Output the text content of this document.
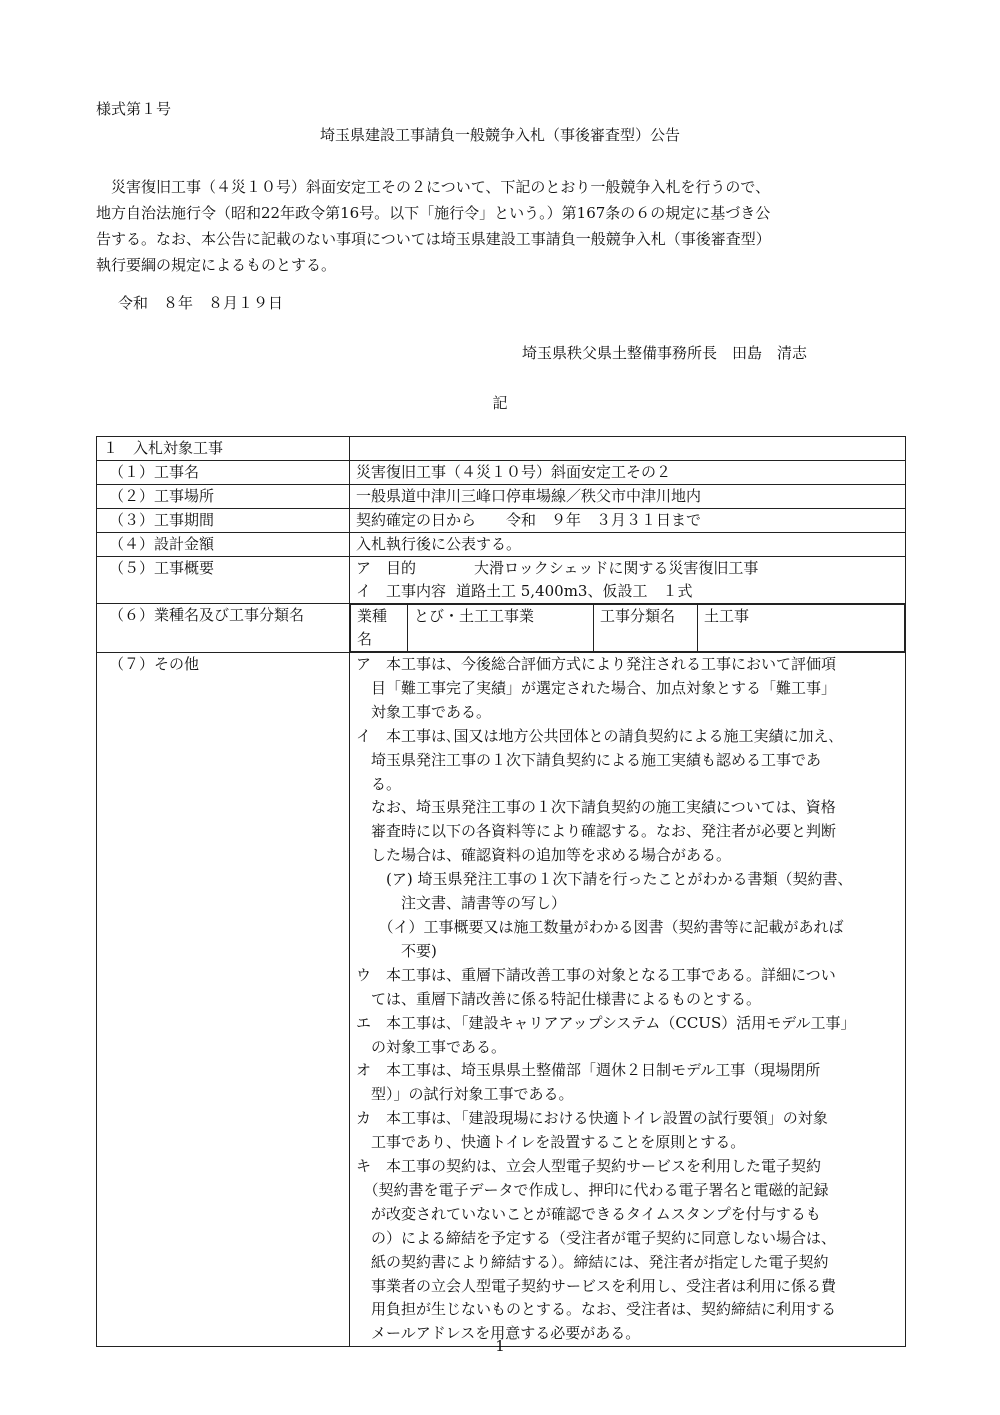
様式第１号
埼玉県建設工事請負一般競争入札（事後審査型）公告
　災害復旧工事（４災１０号）斜面安定工その２について、下記のとおり一般競争入札を行うので、
地方自治法施行令（昭和22年政令第16号。以下「施行令」という。）第167条の６の規定に基づき公
告する。なお、本公告に記載のない事項については埼玉県建設工事請負一般競争入札（事後審査型）
執行要綱の規定によるものとする。
令和　８年　８月１９日
埼玉県秩父県土整備事務所長　田島　清志
記
１　入札対象工事	
（１）工事名	災害復旧工事（４災１０号）斜面安定工その２
（２）工事場所	一般県道中津川三峰口停車場線／秩父市中津川地内
（３）工事期間	契約確定の日から　　令和　９年　３月３１日まで
（４）設計金額	入札執行後に公表する。
（５）工事概要	ア　目的	大滑ロックシェッドに関する災害復旧工事
イ　工事内容 道路土工 5,400m3、仮設工　１式

（６）業種名及び工事分類名		業種名	とび・土工工事業	工事分類名	土工事

（７）その他	ア　本工事は、今後総合評価方式により発注される工事において評価項
　目「難工事完了実績」が選定された場合、加点対象とする「難工事」
　対象工事である。
イ　本工事は､国又は地方公共団体との請負契約による施工実績に加え､
　埼玉県発注工事の１次下請負契約による施工実績も認める工事であ
　る。
　なお、埼玉県発注工事の１次下請負契約の施工実績については、資格
　審査時に以下の各資料等により確認する。なお、発注者が必要と判断
　した場合は、確認資料の追加等を求める場合がある。
　　(ア) 埼玉県発注工事の１次下請を行ったことがわかる書類（契約書、
　　　注文書、請書等の写し）
　　（イ）工事概要又は施工数量がわかる図書（契約書等に記載があれば
　　　不要)
ウ　本工事は、重層下請改善工事の対象となる工事である。詳細につい
　ては、重層下請改善に係る特記仕様書によるものとする。
エ　本工事は､「建設キャリアアップシステム（CCUS）活用モデル工事」
　の対象工事である。
オ　本工事は、埼玉県県土整備部「週休２日制モデル工事（現場閉所
　型）」の試行対象工事である。
カ　本工事は､「建設現場における快適トイレ設置の試行要領」の対象
　工事であり、快適トイレを設置することを原則とする。
キ　本工事の契約は、立会人型電子契約サービスを利用した電子契約
　（契約書を電子データで作成し、押印に代わる電子署名と電磁的記録
　が改変されていないことが確認できるタイムスタンプを付与するも
　の）による締結を予定する（受注者が電子契約に同意しない場合は、
　紙の契約書により締結する）。締結には、発注者が指定した電子契約
　事業者の立会人型電子契約サービスを利用し、受注者は利用に係る費
　用負担が生じないものとする。なお、受注者は、契約締結に利用する
　メールアドレスを用意する必要がある。
1
